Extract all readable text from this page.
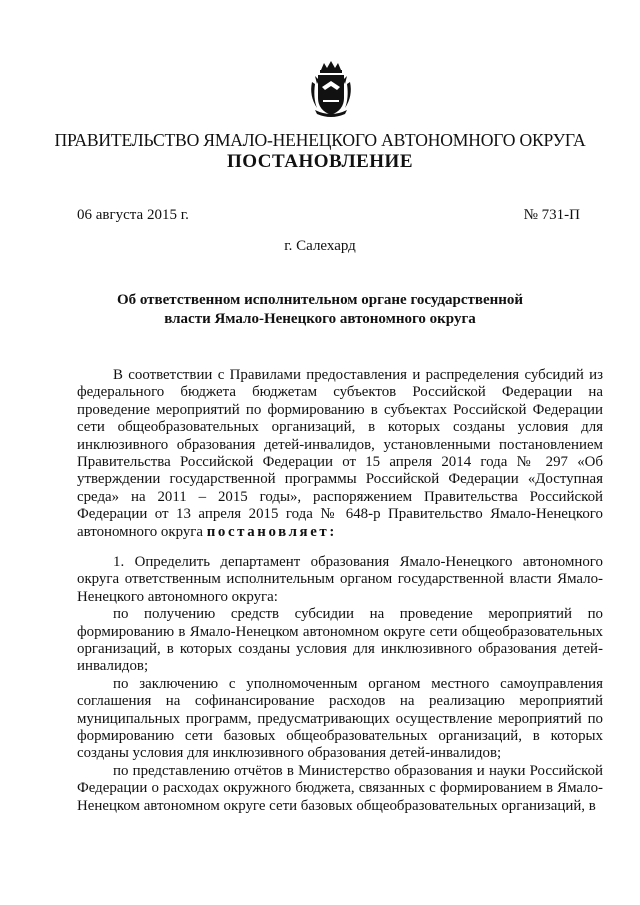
ПРАВИТЕЛЬСТВО ЯМАЛО-НЕНЕЦКОГО АВТОНОМНОГО ОКРУГА
ПОСТАНОВЛЕНИЕ
06 августа 2015 г.	№ 731-П
г. Салехард
Об ответственном исполнительном органе государственной
власти Ямало-Ненецкого автономного округа

В соответствии с Правилами предоставления и распределения субсидий из федерального бюджета бюджетам субъектов Российской Федерации на проведение мероприятий по формированию в субъектах Российской Федерации сети общеобразовательных организаций, в которых созданы условия для инклюзивного образования детей-инвалидов, установленными постановлением Правительства Российской Федерации от 15 апреля 2014 года № 297 «Об утверждении государственной программы Российской Федерации «Доступная среда» на 2011 – 2015 годы», распоряжением Правительства Российской Федерации от 13 апреля 2015 года № 648-р Правительство Ямало-Ненецкого автономного округа постановляет:

1. Определить департамент образования Ямало-Ненецкого автономного округа ответственным исполнительным органом государственной власти Ямало-Ненецкого автономного округа:

по получению средств субсидии на проведение мероприятий по формированию в Ямало-Ненецком автономном округе сети общеобразовательных организаций, в которых созданы условия для инклюзивного образования детей-инвалидов;

по заключению с уполномоченным органом местного самоуправления соглашения на софинансирование расходов на реализацию мероприятий муниципальных программ, предусматривающих осуществление мероприятий по формированию сети базовых общеобразовательных организаций, в которых созданы условия для инклюзивного образования детей-инвалидов;

по представлению отчётов в Министерство образования и науки Российской Федерации о расходах окружного бюджета, связанных с формированием в Ямало-Ненецком автономном округе сети базовых общеобразовательных организаций, в
